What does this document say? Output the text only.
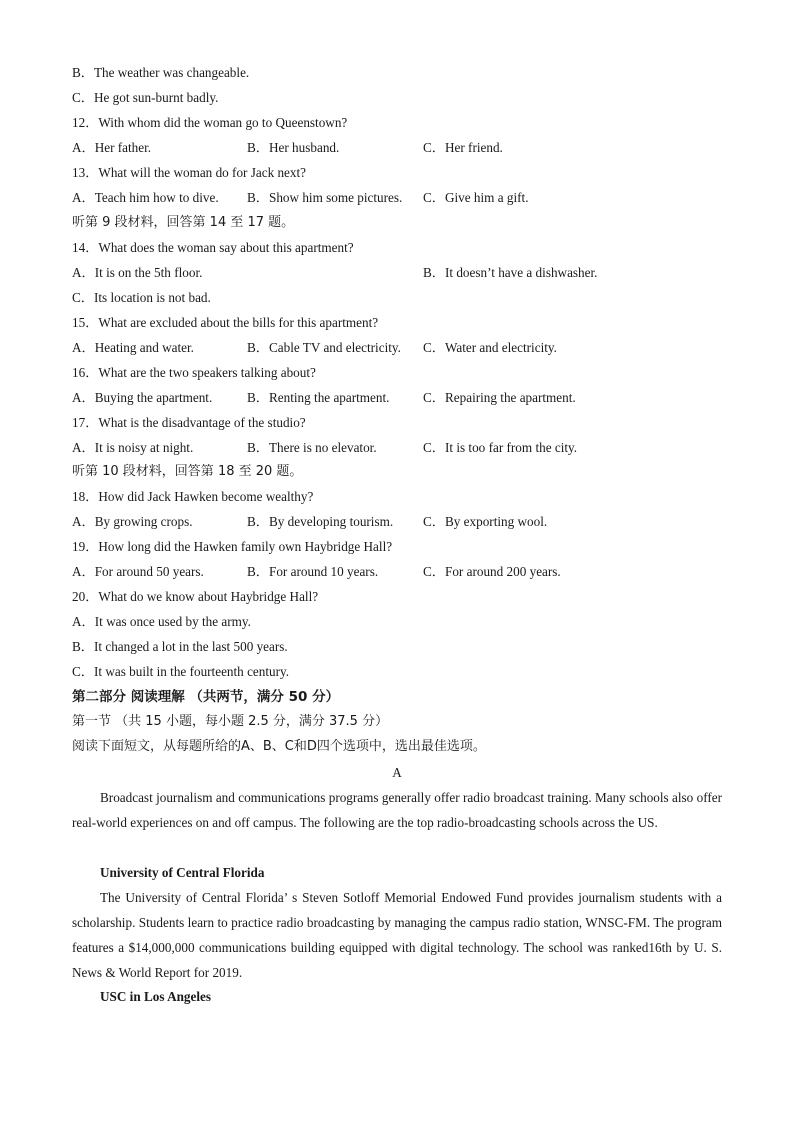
B．The weather was changeable.
C．He got sun-burnt badly.
12．With whom did the woman go to Queenstown?
A．Her father.	B．Her husband.	C．Her friend.
13．What will the woman do for Jack next?
A．Teach him how to dive. B．Show him some pictures. C．Give him a gift.
听第 9 段材料，回答第 14 至 17 题。
14．What does the woman say about this apartment?
A．It is on the 5th floor.	B．It doesn’t have a dishwasher.
C．Its location is not bad.
15．What are excluded about the bills for this apartment?
A．Heating and water.	B．Cable TV and electricity. C．Water and electricity.
16．What are the two speakers talking about?
A．Buying the apartment.	B．Renting the apartment.	C．Repairing the apartment.
17．What is the disadvantage of the studio?
A．It is noisy at night.	B．There is no elevator.	C．It is too far from the city.
听第 10 段材料，回答第 18 至 20 题。
18．How did Jack Hawken become wealthy?
A．By growing crops.	B．By developing tourism. C．By exporting wool.
19．How long did the Hawken family own Haybridge Hall?
A．For around 50 years.	B．For around 10 years.	C．For around 200 years.
20．What do we know about Haybridge Hall?
A．It was once used by the army.
B．It changed a lot in the last 500 years.
C．It was built in the fourteenth century.
第二部分 阅读理解 （共两节，满分 50 分）
第一节 （共 15 小题，每小题 2.5 分，满分 37.5 分）
阅读下面短文，从每题所给的A、B、C和D四个选项中，选出最佳选项。
A

Broadcast journalism and communications programs generally offer radio broadcast training. Many schools also offer real-world experiences on and off campus. The following are the top radio-broadcasting schools across the US.

University of Central Florida

The University of Central Florida’ s Steven Sotloff Memorial Endowed Fund provides journalism students with a scholarship. Students learn to practice radio broadcasting by managing the campus radio station, WNSC-FM. The program features a $14,000,000 communications building equipped with digital technology. The school was ranked16th by U. S. News & World Report for 2019.

USC in Los Angeles
